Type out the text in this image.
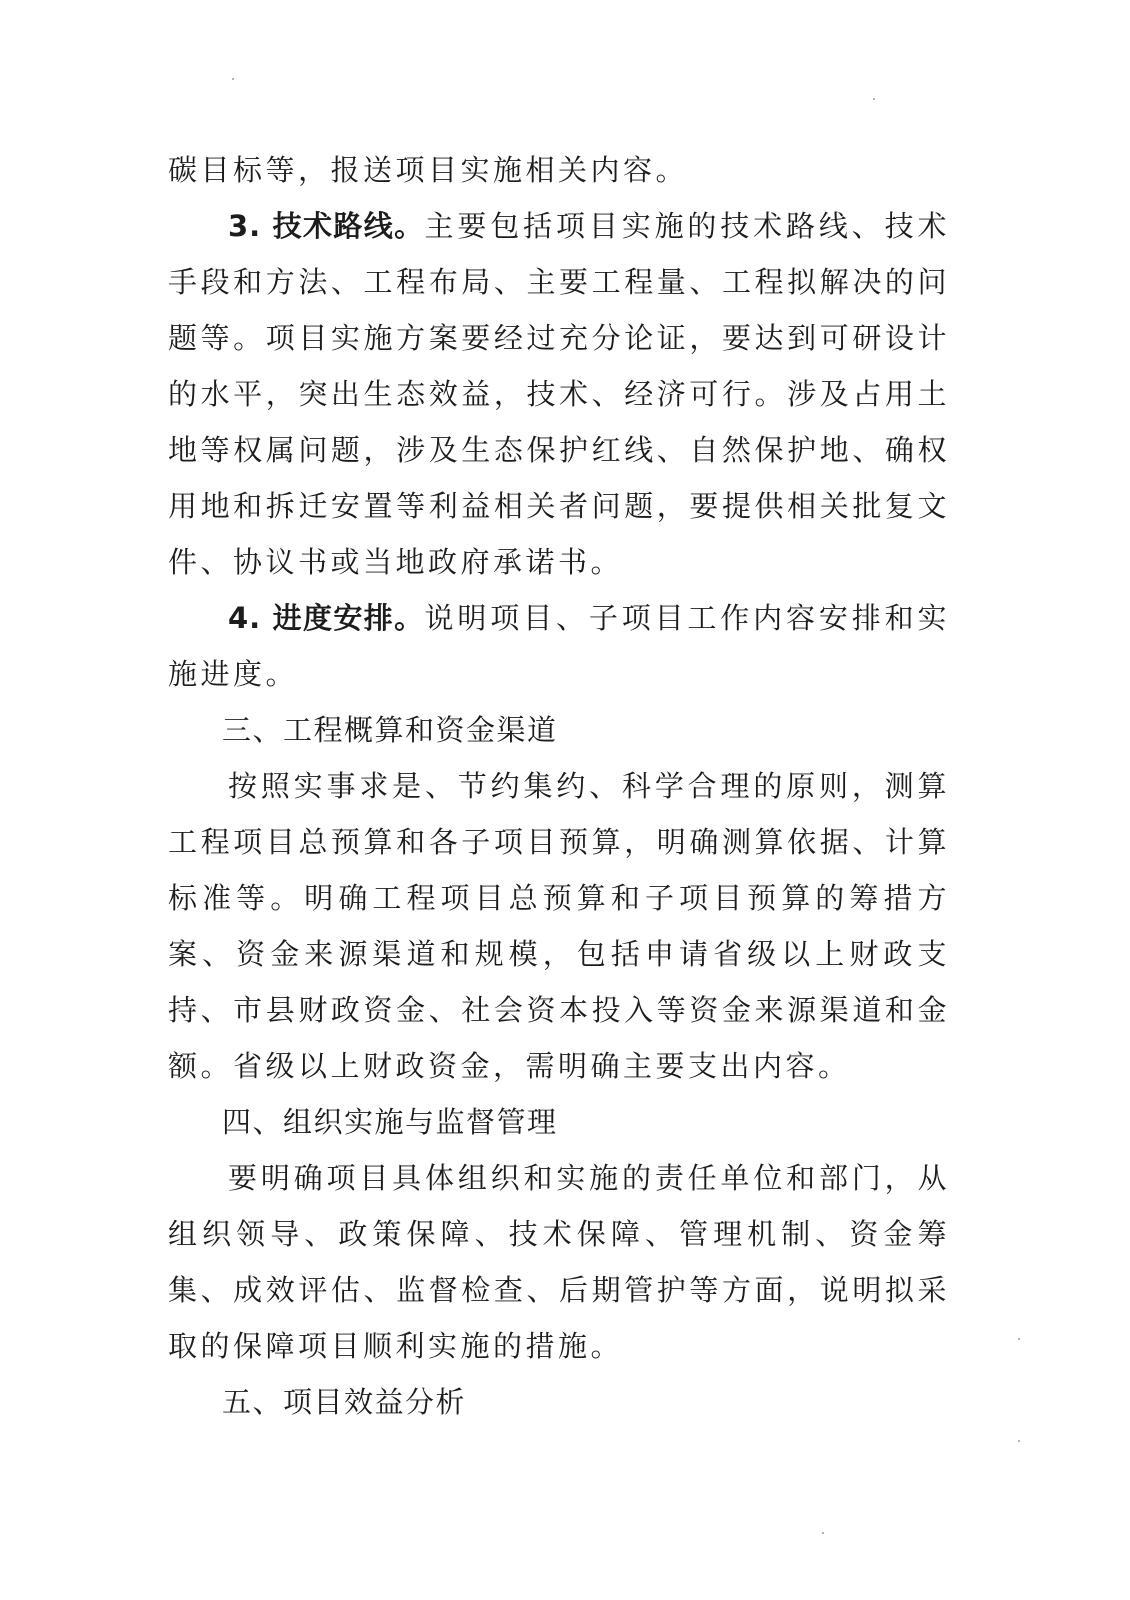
碳目标等，报送项目实施相关内容。

3. 技术路线。主要包括项目实施的技术路线、技术手段和方法、工程布局、主要工程量、工程拟解决的问题等。项目实施方案要经过充分论证，要达到可研设计的水平，突出生态效益，技术、经济可行。涉及占用土地等权属问题，涉及生态保护红线、自然保护地、确权用地和拆迁安置等利益相关者问题，要提供相关批复文件、协议书或当地政府承诺书。

4. 进度安排。说明项目、子项目工作内容安排和实施进度。

三、工程概算和资金渠道

按照实事求是、节约集约、科学合理的原则，测算工程项目总预算和各子项目预算，明确测算依据、计算标准等。明确工程项目总预算和子项目预算的筹措方案、资金来源渠道和规模，包括申请省级以上财政支持、市县财政资金、社会资本投入等资金来源渠道和金额。省级以上财政资金，需明确主要支出内容。

四、组织实施与监督管理

要明确项目具体组织和实施的责任单位和部门，从组织领导、政策保障、技术保障、管理机制、资金筹集、成效评估、监督检查、后期管护等方面，说明拟采取的保障项目顺利实施的措施。

五、项目效益分析
